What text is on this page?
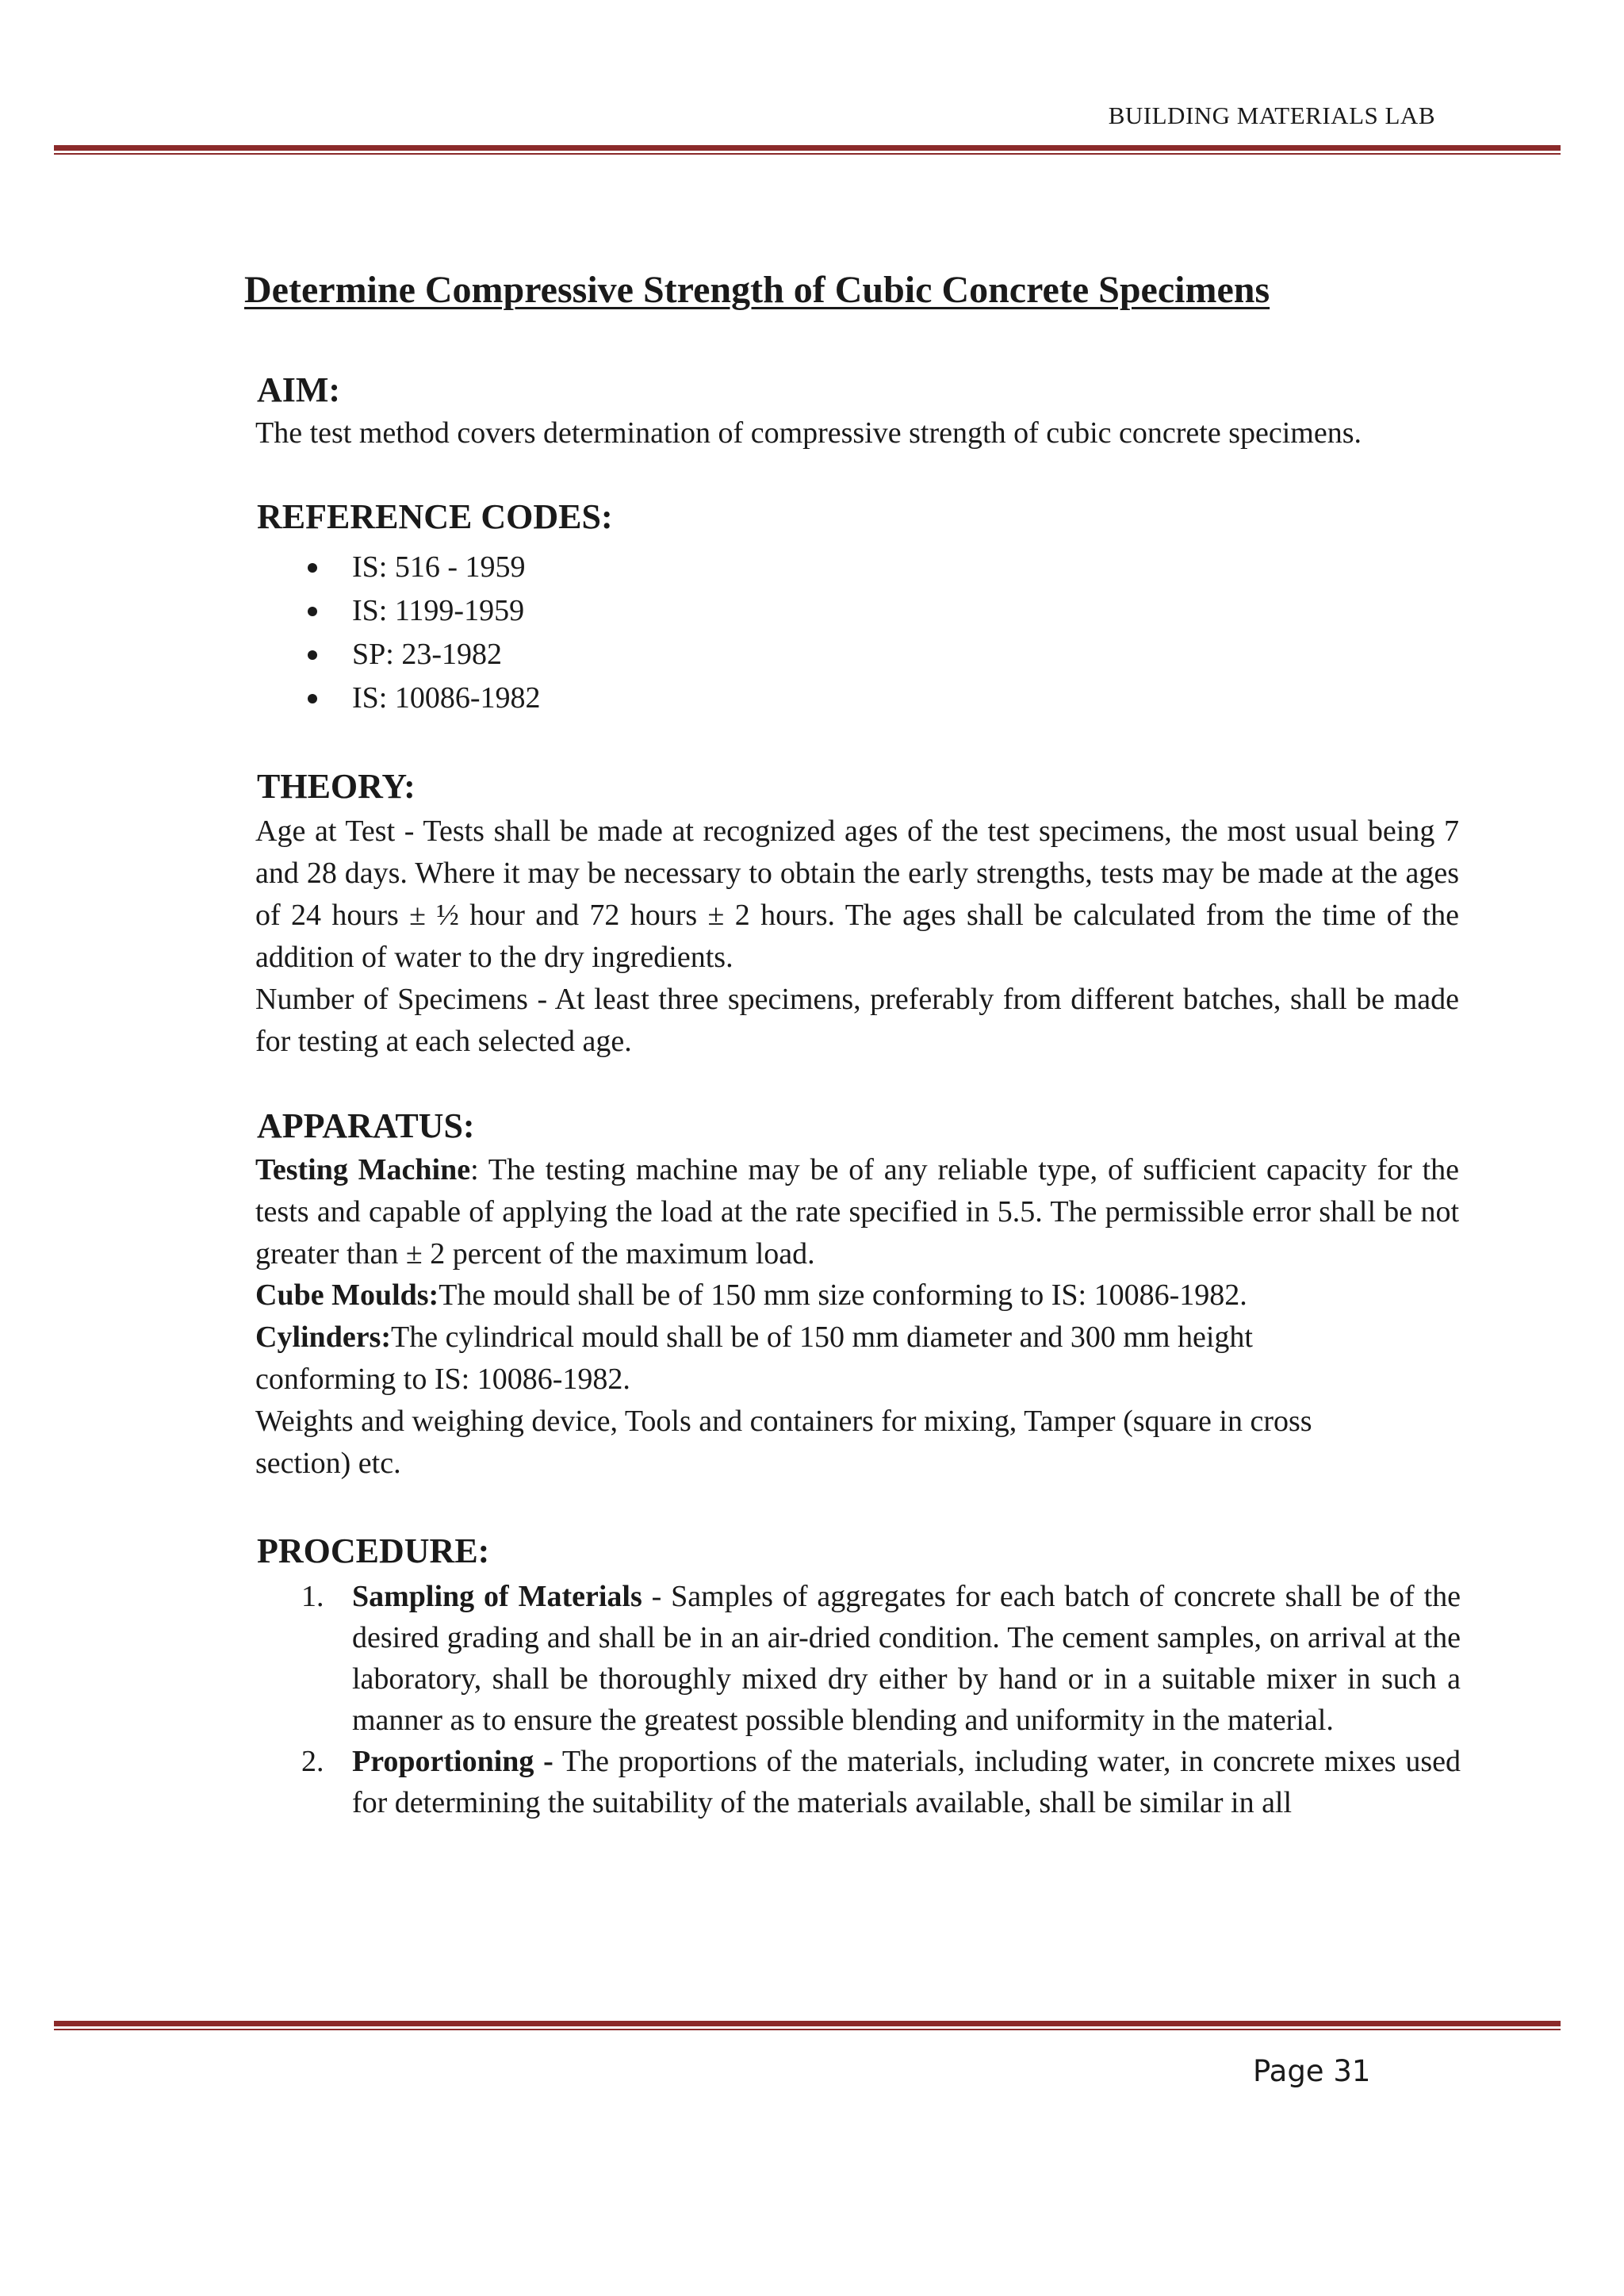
BUILDING MATERIALS LAB
Determine Compressive Strength of Cubic Concrete Specimens
AIM:
The test method covers determination of compressive strength of cubic concrete specimens.
REFERENCE CODES:
IS: 516 - 1959
IS: 1199-1959
SP: 23-1982
IS: 10086-1982
THEORY:

Age at Test - Tests shall be made at recognized ages of the test specimens, the most usual being 7 and 28 days. Where it may be necessary to obtain the early strengths, tests may be made at the ages of 24 hours ± ½ hour and 72 hours ± 2 hours. The ages shall be calculated from the time of the addition of water to the dry ingredients.

Number of Specimens - At least three specimens, preferably from different batches, shall be made for testing at each selected age.

APPARATUS:

Testing Machine: The testing machine may be of any reliable type, of sufficient capacity for the tests and capable of applying the load at the rate specified in 5.5. The permissible error shall be not greater than ± 2 percent of the maximum load.

Cube Moulds:The mould shall be of 150 mm size conforming to IS: 10086-1982.
Cylinders:The cylindrical mould shall be of 150 mm diameter and 300 mm height
conforming to IS: 10086-1982.
Weights and weighing device, Tools and containers for mixing, Tamper (square in cross
section) etc.
PROCEDURE:
1. Sampling of Materials - Samples of aggregates for each batch of concrete shall be of the desired grading and shall be in an air-dried condition. The cement samples, on arrival at the laboratory, shall be thoroughly mixed dry either by hand or in a suitable mixer in such a manner as to ensure the greatest possible blending and uniformity in the material.
2. Proportioning - The proportions of the materials, including water, in concrete mixes used for determining the suitability of the materials available, shall be similar in all
Page 31
